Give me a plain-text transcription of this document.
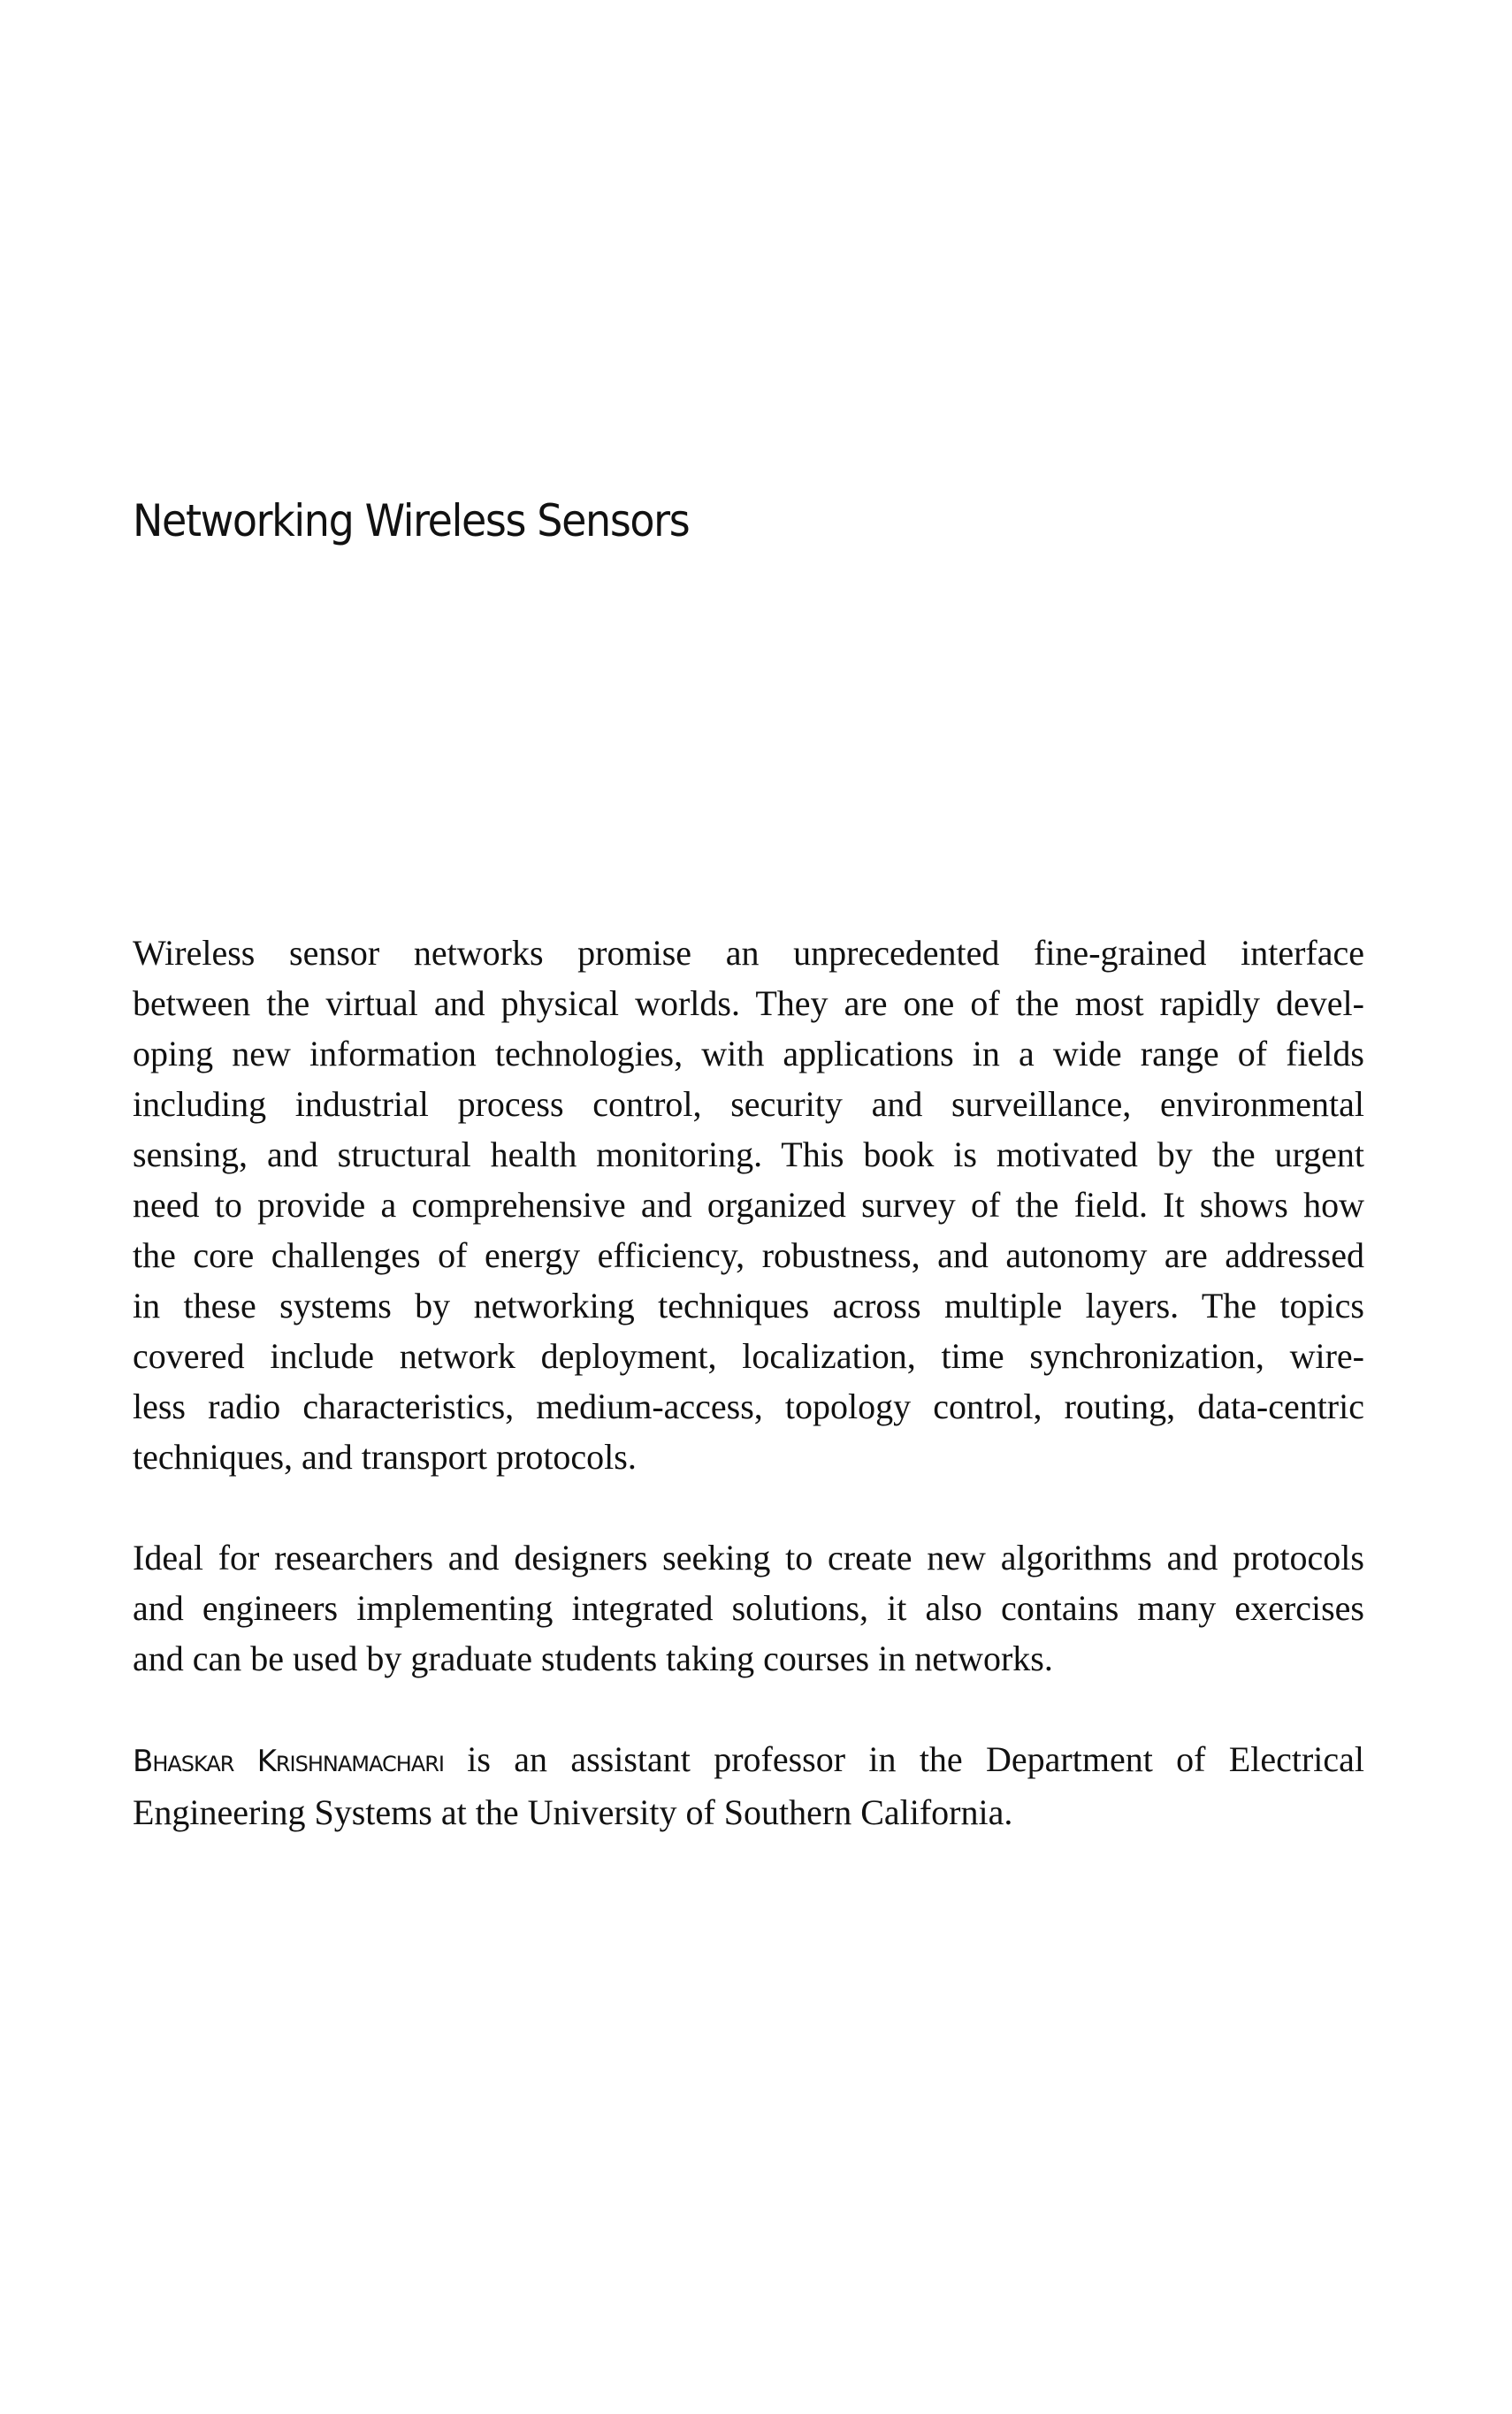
Networking Wireless Sensors

Wireless sensor networks promise an unprecedented fine-grained interface
between the virtual and physical worlds. They are one of the most rapidly devel-
oping new information technologies, with applications in a wide range of fields
including industrial process control, security and surveillance, environmental
sensing, and structural health monitoring. This book is motivated by the urgent
need to provide a comprehensive and organized survey of the field. It shows how
the core challenges of energy efficiency, robustness, and autonomy are addressed
in these systems by networking techniques across multiple layers. The topics
covered include network deployment, localization, time synchronization, wire-
less radio characteristics, medium-access, topology control, routing, data-centric
techniques, and transport protocols.

Ideal for researchers and designers seeking to create new algorithms and protocols
and engineers implementing integrated solutions, it also contains many exercises
and can be used by graduate students taking courses in networks.

Bhaskar Krishnamachari is an assistant professor in the Department of Electrical
Engineering Systems at the University of Southern California.
